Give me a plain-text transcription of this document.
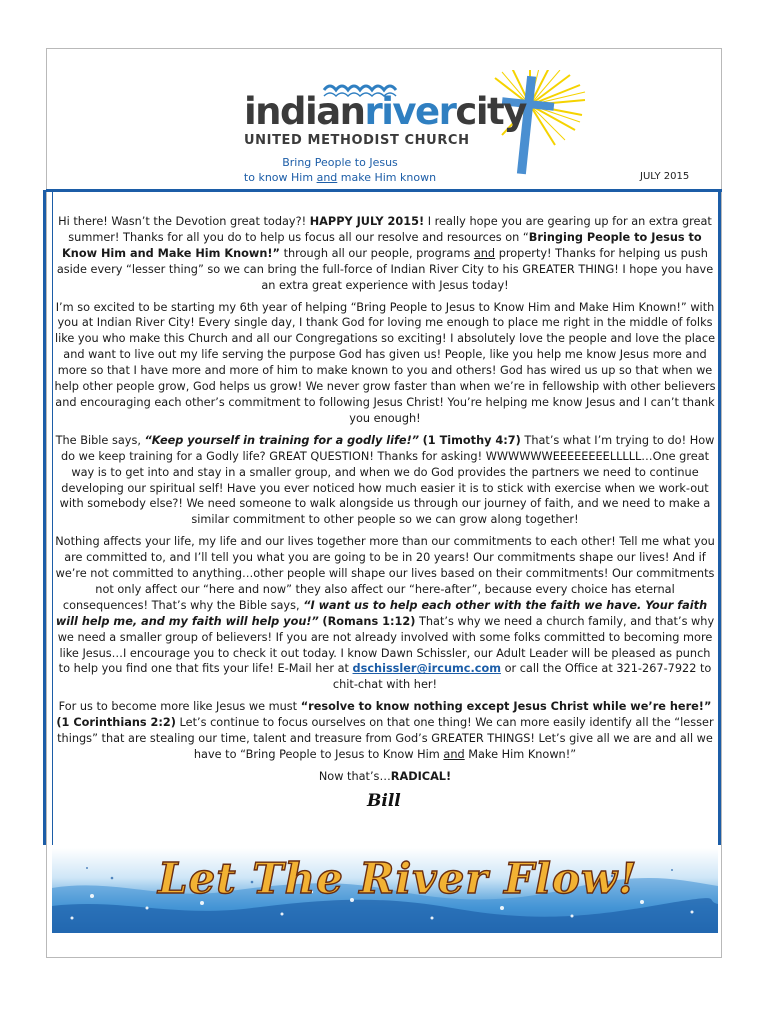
indianrivercity
UNITED METHODIST CHURCH
Bring People to Jesus
to know Him and make Him known	JULY 2015

Hi there! Wasn’t the Devotion great today?! HAPPY JULY 2015! I really hope you are gearing up for an extra great summer! Thanks for all you do to help us focus all our resolve and resources on “Bringing People to Jesus to Know Him and Make Him Known!” through all our people, programs and property! Thanks for helping us push aside every “lesser thing” so we can bring the full-force of Indian River City to his GREATER THING! I hope you have an extra great experience with Jesus today!

I’m so excited to be starting my 6th year of helping “Bring People to Jesus to Know Him and Make Him Known!” with you at Indian River City! Every single day, I thank God for loving me enough to place me right in the middle of folks like you who make this Church and all our Congregations so exciting! I absolutely love the people and love the place and want to live out my life serving the purpose God has given us! People, like you help me know Jesus more and more so that I have more and more of him to make known to you and others! God has wired us up so that when we help other people grow, God helps us grow! We never grow faster than when we’re in fellowship with other believers and encouraging each other’s commitment to following Jesus Christ! You’re helping me know Jesus and I can’t thank you enough!

The Bible says, “Keep yourself in training for a godly life!” (1 Timothy 4:7) That’s what I’m trying to do! How do we keep training for a Godly life? GREAT QUESTION! Thanks for asking! WWWWWWEEEEEEEELLLLL…One great way is to get into and stay in a smaller group, and when we do God provides the partners we need to continue developing our spiritual self! Have you ever noticed how much easier it is to stick with exercise when we work-out with somebody else?! We need someone to walk alongside us through our journey of faith, and we need to make a similar commitment to other people so we can grow along together!

Nothing affects your life, my life and our lives together more than our commitments to each other! Tell me what you are committed to, and I’ll tell you what you are going to be in 20 years! Our commitments shape our lives! And if we’re not committed to anything…other people will shape our lives based on their commitments! Our commitments not only affect our “here and now” they also affect our “here-after”, because every choice has eternal consequences! That’s why the Bible says, “I want us to help each other with the faith we have. Your faith will help me, and my faith will help you!” (Romans 1:12) That’s why we need a church family, and that’s why we need a smaller group of believers! If you are not already involved with some folks committed to becoming more like Jesus…I encourage you to check it out today. I know Dawn Schissler, our Adult Leader will be pleased as punch to help you find one that fits your life! E-Mail her at dschissler@ircumc.com or call the Office at 321-267-7922 to chit-chat with her!

For us to become more like Jesus we must “resolve to know nothing except Jesus Christ while we’re here!” (1 Corinthians 2:2) Let’s continue to focus ourselves on that one thing! We can more easily identify all the “lesser things” that are stealing our time, talent and treasure from God’s GREATER THINGS! Let’s give all we are and all we have to “Bring People to Jesus to Know Him and Make Him Known!”

Now that’s…RADICAL!

Bill
Let The River Flow!
